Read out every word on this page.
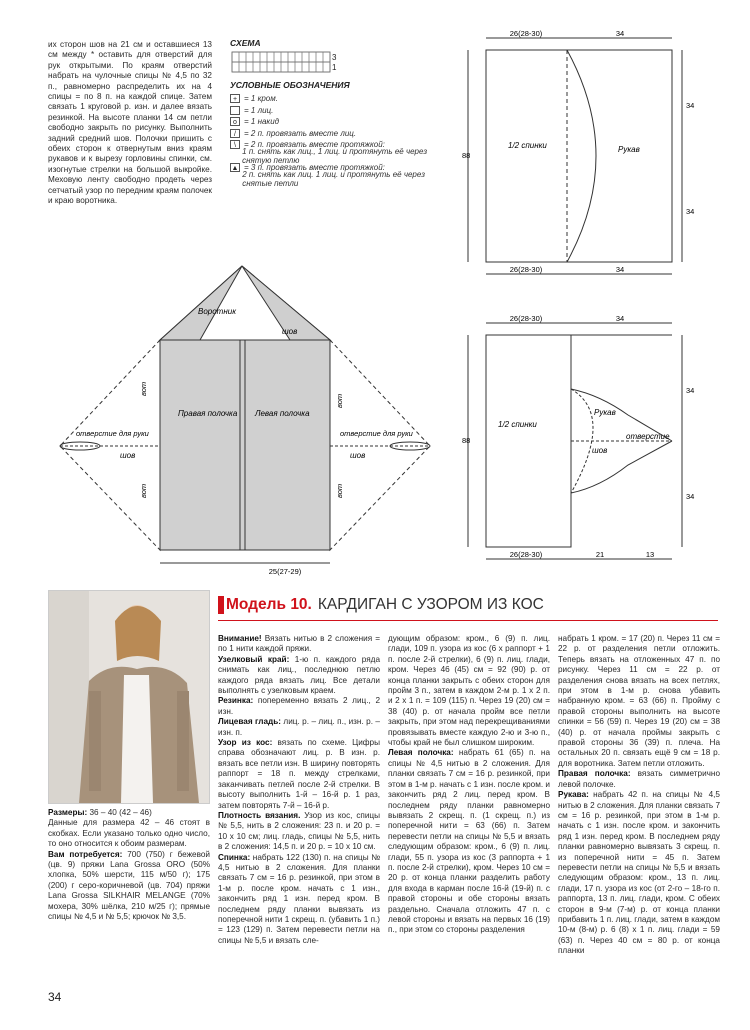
их сторон шов на 21 см и оставшиеся 13 см между * оставить для отверстий для рук открытыми. По краям отверстий набрать на чулочные спицы № 4,5 по 32 п., равномерно распределить их на 4 спицы = по 8 п. на каждой спице. Затем связать 1 круговой р. изн. и далее вязать резинкой. На высоте планки 14 см петли свободно закрыть по рисунку. Выполнить задний средний шов. Полочки пришить с обеих сторон к отвернутым вниз краям рукавов и к вырезу горловины спинки, см. изогнутые стрелки на большой выкройке. Меховую ленту свободно продеть через сетчатый узор по передним краям полочек и краю воротника.

СХЕМА
3
1
УСЛОВНЫЕ ОБОЗНАЧЕНИЯ
+ = 1 кром.
= 1 лиц.
o = 1 накид
/	= 2 п. провязать вместе лиц.
\	= 2 п. провязать вместе протяжкой:
1 п. снять как лиц., 1 лиц. и протянуть её через снятую петлю
▲ = 3 п. провязать вместе протяжкой:
2 п. снять как лиц. 1 лиц. и протянуть её через снятые петли
26(28-30)	34
26(28-30)	34
88
34
34
1/2 спинки	Рукав
26(28-30)	34
26(28-30)	21	13
88
34
34
1/2 спинки
Рукав
шов
отверстие
Воротник
шов
Правая полочка Левая полочка
отверстие для руки	отверстие для руки
шов	шов
вот
вот
вот
вот
25(27-29)
Модель 10. КАРДИГАН С УЗОРОМ ИЗ КОС

Размеры: 36 – 40 (42 – 46)

Данные для размера 42 – 46 стоят в скобках. Если указано только одно число, то оно относится к обоим размерам.

Вам потребуется: 700 (750) г бежевой (цв. 9) пряжи Lana Grossa ORO (50% хлопка, 50% шерсти, 115 м/50 г); 175 (200) г серо-коричневой (цв. 704) пряжи Lana Grossa SILKHAIR MELANGE (70% мохера, 30% шёлка, 210 м/25 г); прямые спицы № 4,5 и № 5,5; крючок № 3,5.

Внимание! Вязать нитью в 2 сложения = по 1 нити каждой пряжи.

Узелковый край: 1-ю п. каждого ряда снимать как лиц., последнюю петлю каждого ряда вязать лиц. Все детали выполнять с узелковым краем.

Резинка: попеременно вязать 2 лиц., 2 изн.

Лицевая гладь: лиц. р. – лиц. п., изн. р. – изн. п.

Узор из кос: вязать по схеме. Цифры справа обозначают лиц. р. В изн. р. вязать все петли изн. В ширину повторять раппорт = 18 п. между стрелками, заканчивать петлей после 2-й стрелки. В высоту выполнить 1-й – 16-й р. 1 раз, затем повторять 7-й – 16-й р.

Плотность вязания. Узор из кос, спицы № 5,5, нить в 2 сложения: 23 п. и 20 р. = 10 х 10 см; лиц. гладь, спицы № 5,5, нить в 2 сложения: 14,5 п. и 20 р. = 10 х 10 см.

Спинка: набрать 122 (130) п. на спицы № 4,5 нитью в 2 сложения. Для планки связать 7 см = 16 р. резинкой, при этом в 1-м р. после кром. начать с 1 изн., закончить ряд 1 изн. перед кром. В последнем ряду планки вывязать из поперечной нити 1 скрещ. п. (убавить 1 п.) = 123 (129) п. Затем перевести петли на спицы № 5,5 и вязать сле-

дующим образом: кром., 6 (9) п. лиц. глади, 109 п. узора из кос (6 х раппорт + 1 п. после 2-й стрелки), 6 (9) п. лиц. глади, кром. Через 46 (45) см = 92 (90) р. от конца планки закрыть с обеих сторон для пройм 3 п., затем в каждом 2-м р. 1 х 2 п. и 2 х 1 п. = 109 (115) п. Через 19 (20) см = 38 (40) р. от начала пройм все петли закрыть, при этом над перекрещиваниями провязывать вместе каждую 2-ю и 3-ю п., чтобы край не был слишком широким.

Левая полочка: набрать 61 (65) п. на спицы № 4,5 нитью в 2 сложения. Для планки связать 7 см = 16 р. резинкой, при этом в 1-м р. начать с 1 изн. после кром. и закончить ряд 2 лиц. перед кром. В последнем ряду планки равномерно вывязать 2 скрещ. п. (1 скрещ. п.) из поперечной нити = 63 (66) п. Затем перевести петли на спицы № 5,5 и вязать следующим образом: кром., 6 (9) п. лиц. глади, 55 п. узора из кос (3 раппорта + 1 п. после 2-й стрелки), кром. Через 10 см = 20 р. от конца планки разделить работу для входа в карман после 16-й (19-й) п. с правой стороны и обе стороны вязать раздельно. Сначала отложить 47 п. с левой стороны и вязать на первых 16 (19) п., при этом со стороны разделения

набрать 1 кром. = 17 (20) п. Через 11 см = 22 р. от разделения петли отложить. Теперь вязать на отложенных 47 п. по рисунку. Через 11 см = 22 р. от разделения снова вязать на всех петлях, при этом в 1-м р. снова убавить набранную кром. = 63 (66) п. Пройму с правой стороны выполнить на высоте спинки = 56 (59) п. Через 19 (20) см = 38 (40) р. от начала проймы закрыть с правой стороны 36 (39) п. плеча. На остальных 20 п. связать ещё 9 см = 18 р. для воротника. Затем петли отложить.

Правая полочка: вязать симметрично левой полочке.

Рукава: набрать 42 п. на спицы № 4,5 нитью в 2 сложения. Для планки связать 7 см = 16 р. резинкой, при этом в 1-м р. начать с 1 изн. после кром. и закончить ряд 1 изн. перед кром. В последнем ряду планки равномерно вывязать 3 скрещ. п. из поперечной нити = 45 п. Затем перевести петли на спицы № 5,5 и вязать следующим образом: кром., 13 п. лиц. глади, 17 п. узора из кос (от 2-го – 18-го п. раппорта, 13 п. лиц. глади, кром. С обеих сторон в 9-м (7-м) р. от конца планки прибавить 1 п. лиц. глади, затем в каждом 10-м (8-м) р. 6 (8) х 1 п. лиц. глади = 59 (63) п. Через 40 см = 80 р. от конца планки

34
